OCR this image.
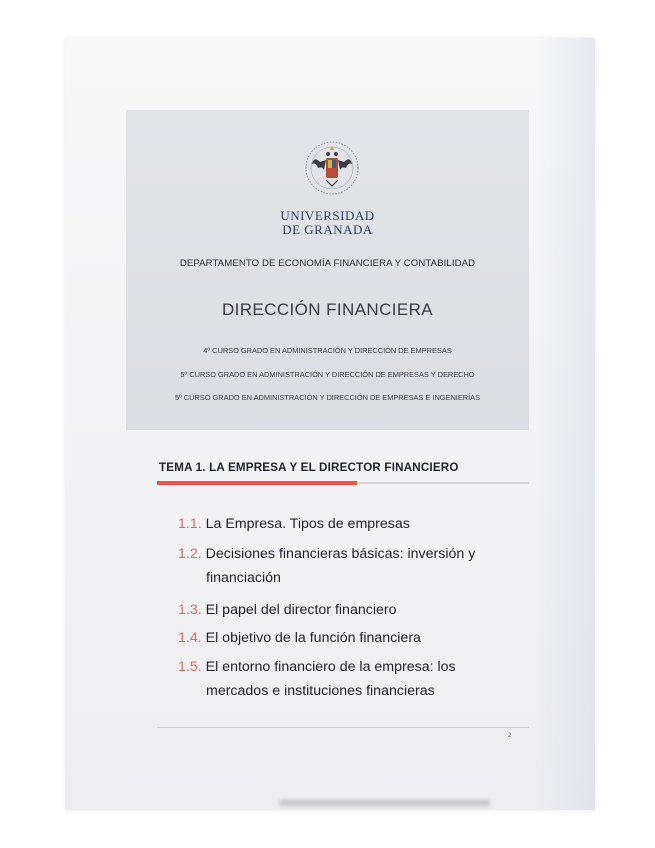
UNIVERSIDAD
DE GRANADA
DEPARTAMENTO DE ECONOMÍA FINANCIERA Y CONTABILIDAD
DIRECCIÓN FINANCIERA
4º CURSO GRADO EN ADMINISTRACIÓN Y DIRECCIÓN DE EMPRESAS
5º CURSO GRADO EN ADMINISTRACIÓN Y DIRECCIÓN DE EMPRESAS Y DERECHO
5º CURSO GRADO EN ADMINISTRACIÓN Y DIRECCIÓN DE EMPRESAS E INGENIERÍAS
TEMA 1. LA EMPRESA Y EL DIRECTOR FINANCIERO
1.1. La Empresa. Tipos de empresas
1.2. Decisiones financieras básicas: inversión y
financiación
1.3. El papel del director financiero
1.4. El objetivo de la función financiera
1.5. El entorno financiero de la empresa: los
mercados e instituciones financieras
2
